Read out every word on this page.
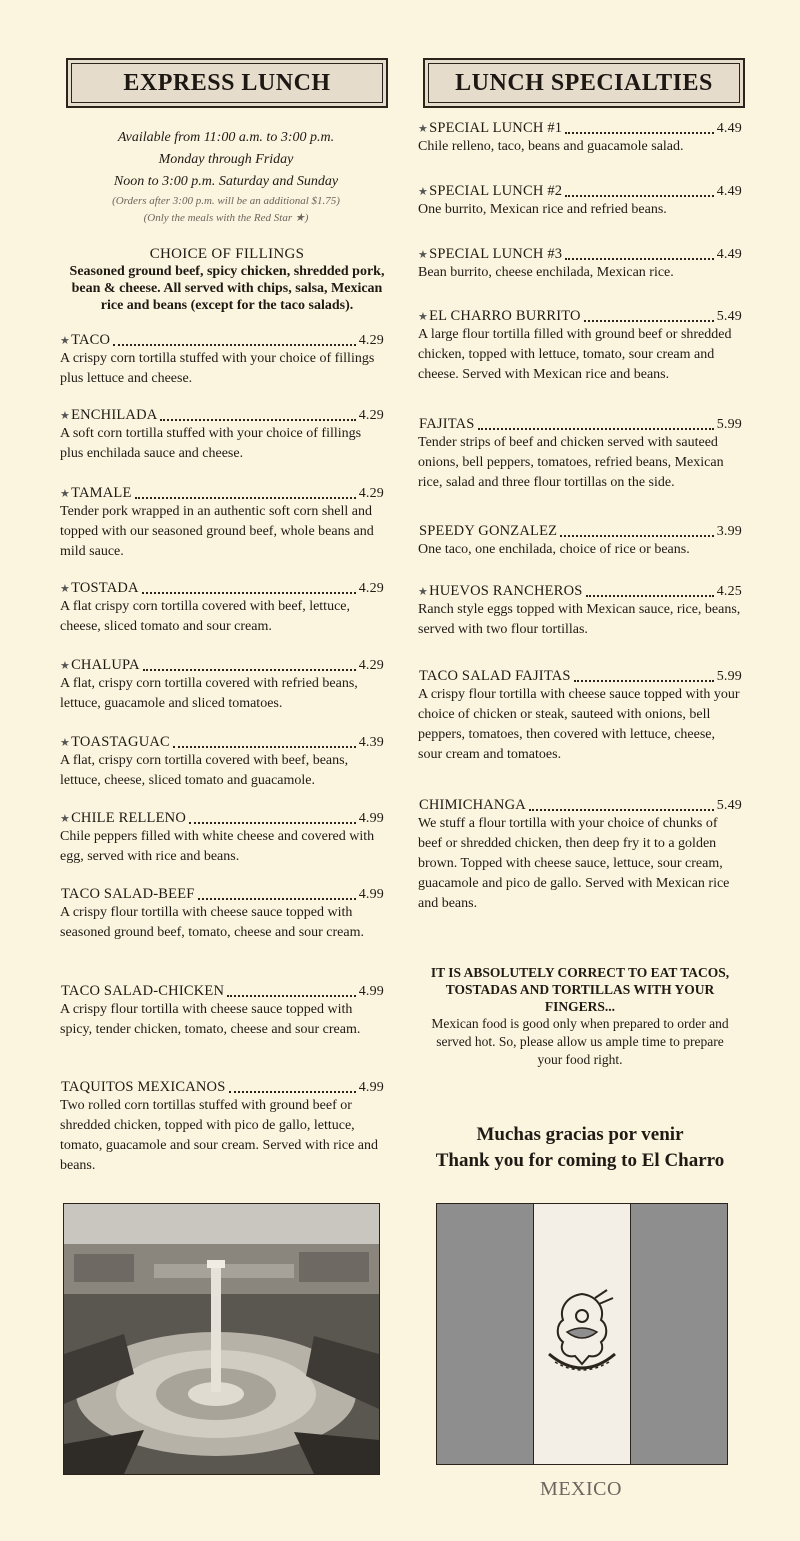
EXPRESS LUNCH
Available from 11:00 a.m. to 3:00 p.m.
Monday through Friday
Noon to 3:00 p.m. Saturday and Sunday
(Orders after 3:00 p.m. will be an additional $1.75)
(Only the meals with the Red Star ★)
CHOICE OF FILLINGS
Seasoned ground beef, spicy chicken, shredded pork, bean & cheese. All served with chips, salsa, Mexican rice and beans (except for the taco salads).
★ TACO	4.29
A crispy corn tortilla stuffed with your choice of fillings plus lettuce and cheese.
★ ENCHILADA	4.29
A soft corn tortilla stuffed with your choice of fillings plus enchilada sauce and cheese.
★ TAMALE	4.29
Tender pork wrapped in an authentic soft corn shell and topped with our seasoned ground beef, whole beans and mild sauce.
★ TOSTADA	4.29
A flat crispy corn tortilla covered with beef, lettuce, cheese, sliced tomato and sour cream.
★ CHALUPA	4.29
A flat, crispy corn tortilla covered with refried beans, lettuce, guacamole and sliced tomatoes.
★ TOASTAGUAC	4.39
A flat, crispy corn tortilla covered with beef, beans, lettuce, cheese, sliced tomato and guacamole.
★ CHILE RELLENO	4.99
Chile peppers filled with white cheese and covered with egg, served with rice and beans.
TACO SALAD-BEEF	4.99
A crispy flour tortilla with cheese sauce topped with seasoned ground beef, tomato, cheese and sour cream.
TACO SALAD-CHICKEN	4.99
A crispy flour tortilla with cheese sauce topped with spicy, tender chicken, tomato, cheese and sour cream.
TAQUITOS MEXICANOS	4.99
Two rolled corn tortillas stuffed with ground beef or shredded chicken, topped with pico de gallo, lettuce, tomato, guacamole and sour cream. Served with rice and beans.
LUNCH SPECIALTIES
★ SPECIAL LUNCH #1	4.49
Chile relleno, taco, beans and guacamole salad.
★ SPECIAL LUNCH #2	4.49
One burrito, Mexican rice and refried beans.
★ SPECIAL LUNCH #3	4.49
Bean burrito, cheese enchilada, Mexican rice.
★ EL CHARRO BURRITO	5.49
A large flour tortilla filled with ground beef or shredded chicken, topped with lettuce, tomato, sour cream and cheese. Served with Mexican rice and beans.
FAJITAS	5.99
Tender strips of beef and chicken served with sauteed onions, bell peppers, tomatoes, refried beans, Mexican rice, salad and three flour tortillas on the side.
SPEEDY GONZALEZ	3.99
One taco, one enchilada, choice of rice or beans.
★ HUEVOS RANCHEROS	4.25
Ranch style eggs topped with Mexican sauce, rice, beans, served with two flour tortillas.
TACO SALAD FAJITAS	5.99
A crispy flour tortilla with cheese sauce topped with your choice of chicken or steak, sauteed with onions, bell peppers, tomatoes, then covered with lettuce, cheese, sour cream and tomatoes.
CHIMICHANGA	5.49
We stuff a flour tortilla with your choice of chunks of beef or shredded chicken, then deep fry it to a golden brown. Topped with cheese sauce, lettuce, sour cream, guacamole and pico de gallo. Served with Mexican rice and beans.
IT IS ABSOLUTELY CORRECT TO EAT TACOS, TOSTADAS AND TORTILLAS WITH YOUR FINGERS...
Mexican food is good only when prepared to order and served hot. So, please allow us ample time to prepare your food right.
Muchas gracias por venir
Thank you for coming to El Charro
MEXICO
